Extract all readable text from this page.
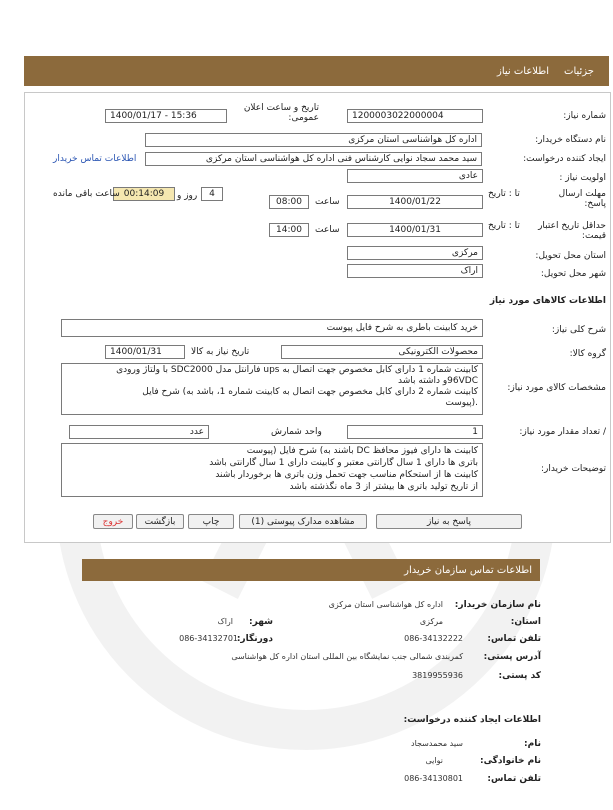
جزئیات
اطلاعات نیاز
شماره نیاز:
1200003022000004
تاریخ و ساعت اعلان عمومی:
1400/01/17 - 15:36
نام دستگاه خریدار:
اداره کل هواشناسی استان مرکزی
ایجاد کننده درخواست:
سید محمد سجاد نوایی کارشناس فنی اداره کل هواشناسی استان مرکزی
اطلاعات تماس خریدار
اولویت نیاز :
عادی
مهلت ارسال پاسخ:
تا : تاریخ
1400/01/22
ساعت
08:00
4
روز و
00:14:09
ساعت باقی مانده
حداقل تاریخ اعتبار قیمت:
تا : تاریخ
1400/01/31
ساعت
14:00
استان محل تحویل:
مرکزی
شهر محل تحویل:
اراک
اطلاعات کالاهای مورد نیاز
شرح کلی نیاز:
خرید کابینت باطری به شرح فایل پیوست
گروه کالا:
محصولات الکترونیکی
تاریخ نیاز به کالا
1400/01/31
مشخصات کالای مورد نیاز:
کابینت شماره 1 دارای کابل مخصوص جهت اتصال به ups فارانتل مدل SDC2000 با ولتاژ ورودی
96VDCو داشته باشد
کابینت شماره 2 دارای کابل مخصوص جهت اتصال به کابینت شماره 1، باشد به) شرح فایل
.(پیوست
/ تعداد مقدار مورد نیاز:
1
واحد شمارش
عدد
توضیحات خریدار:
کابینت ها دارای فیوز محافظ DC باشند به) شرح فایل (پیوست
باتری ها دارای 1 سال گارانتی معتبر و کابینت دارای 1 سال گارانتی باشد
کابینت ها از استحکام مناسب جهت تحمل وزن باتری ها برخوردار باشند
از تاریخ تولید باتری ها بیشتر از 3 ماه نگذشته باشد
پاسخ به نیاز
مشاهده مدارک پیوستی (1)
چاپ
بازگشت
خروج
اطلاعات تماس سازمان خریدار
نام سازمان خریدار:
اداره کل هواشناسی استان مرکزی
استان:
مرکزی
شهر:
اراک
تلفن تماس:
086-34132222
دورنگار:
086-34132701
آدرس پستی:
کمربندی شمالی جنب نمایشگاه بین المللی استان اداره کل هواشناسی
کد پستی:
3819955936
اطلاعات ایجاد کننده درخواست:
نام:
سید محمدسجاد
نام خانوادگی:
نوایی
تلفن تماس:
086-34130801
